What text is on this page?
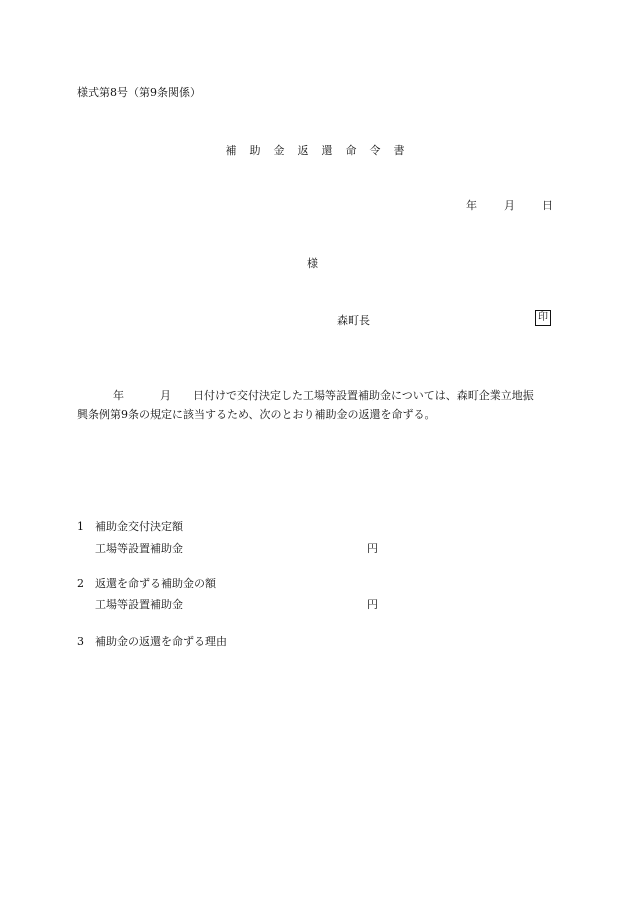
様式第8号（第9条関係）
補助金返還命令書
年 月 日
様
森町長	印
年	月 日付けで交付決定した工場等設置補助金については、森町企業立地振
興条例第9条の規定に該当するため、次のとおり補助金の返還を命ずる。
1 補助金交付決定額
工場等設置補助金	円
2 返還を命ずる補助金の額
工場等設置補助金	円
3 補助金の返還を命ずる理由
